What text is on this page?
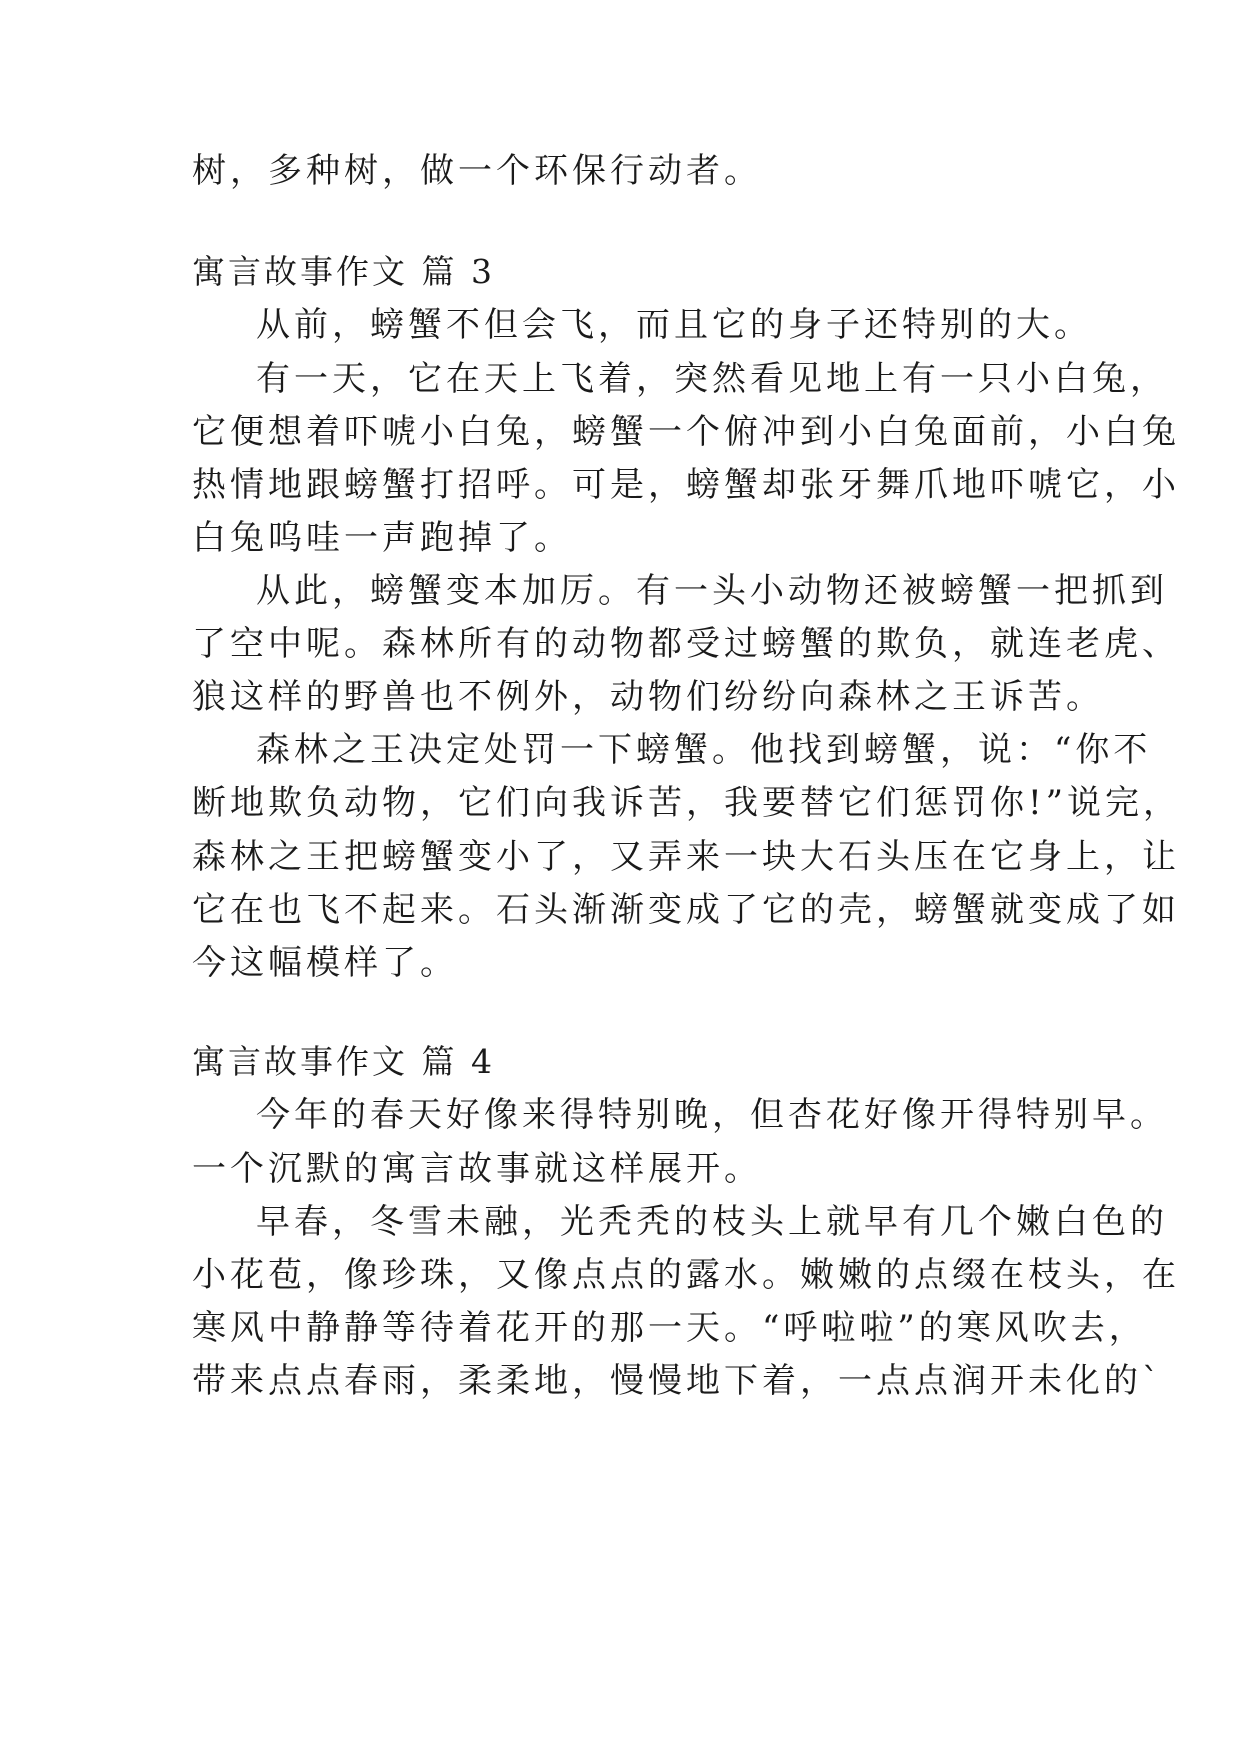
树，多种树，做一个环保行动者。
寓言故事作文 篇 3
从前，螃蟹不但会飞，而且它的身子还特别的大。
有一天，它在天上飞着，突然看见地上有一只小白兔，
它便想着吓唬小白兔，螃蟹一个俯冲到小白兔面前，小白兔
热情地跟螃蟹打招呼。可是，螃蟹却张牙舞爪地吓唬它，小
白兔呜哇一声跑掉了。
从此，螃蟹变本加厉。有一头小动物还被螃蟹一把抓到
了空中呢。森林所有的动物都受过螃蟹的欺负，就连老虎、
狼这样的野兽也不例外，动物们纷纷向森林之王诉苦。
森林之王决定处罚一下螃蟹。他找到螃蟹，说：“你不
断地欺负动物，它们向我诉苦，我要替它们惩罚你!”说完，
森林之王把螃蟹变小了，又弄来一块大石头压在它身上，让
它在也飞不起来。石头渐渐变成了它的壳，螃蟹就变成了如
今这幅模样了。
寓言故事作文 篇 4
今年的春天好像来得特别晚，但杏花好像开得特别早。
一个沉默的寓言故事就这样展开。
早春，冬雪未融，光秃秃的枝头上就早有几个嫩白色的
小花苞，像珍珠，又像点点的露水。嫩嫩的点缀在枝头，在
寒风中静静等待着花开的那一天。“呼啦啦”的寒风吹去，
带来点点春雨，柔柔地，慢慢地下着，一点点润开未化的`
